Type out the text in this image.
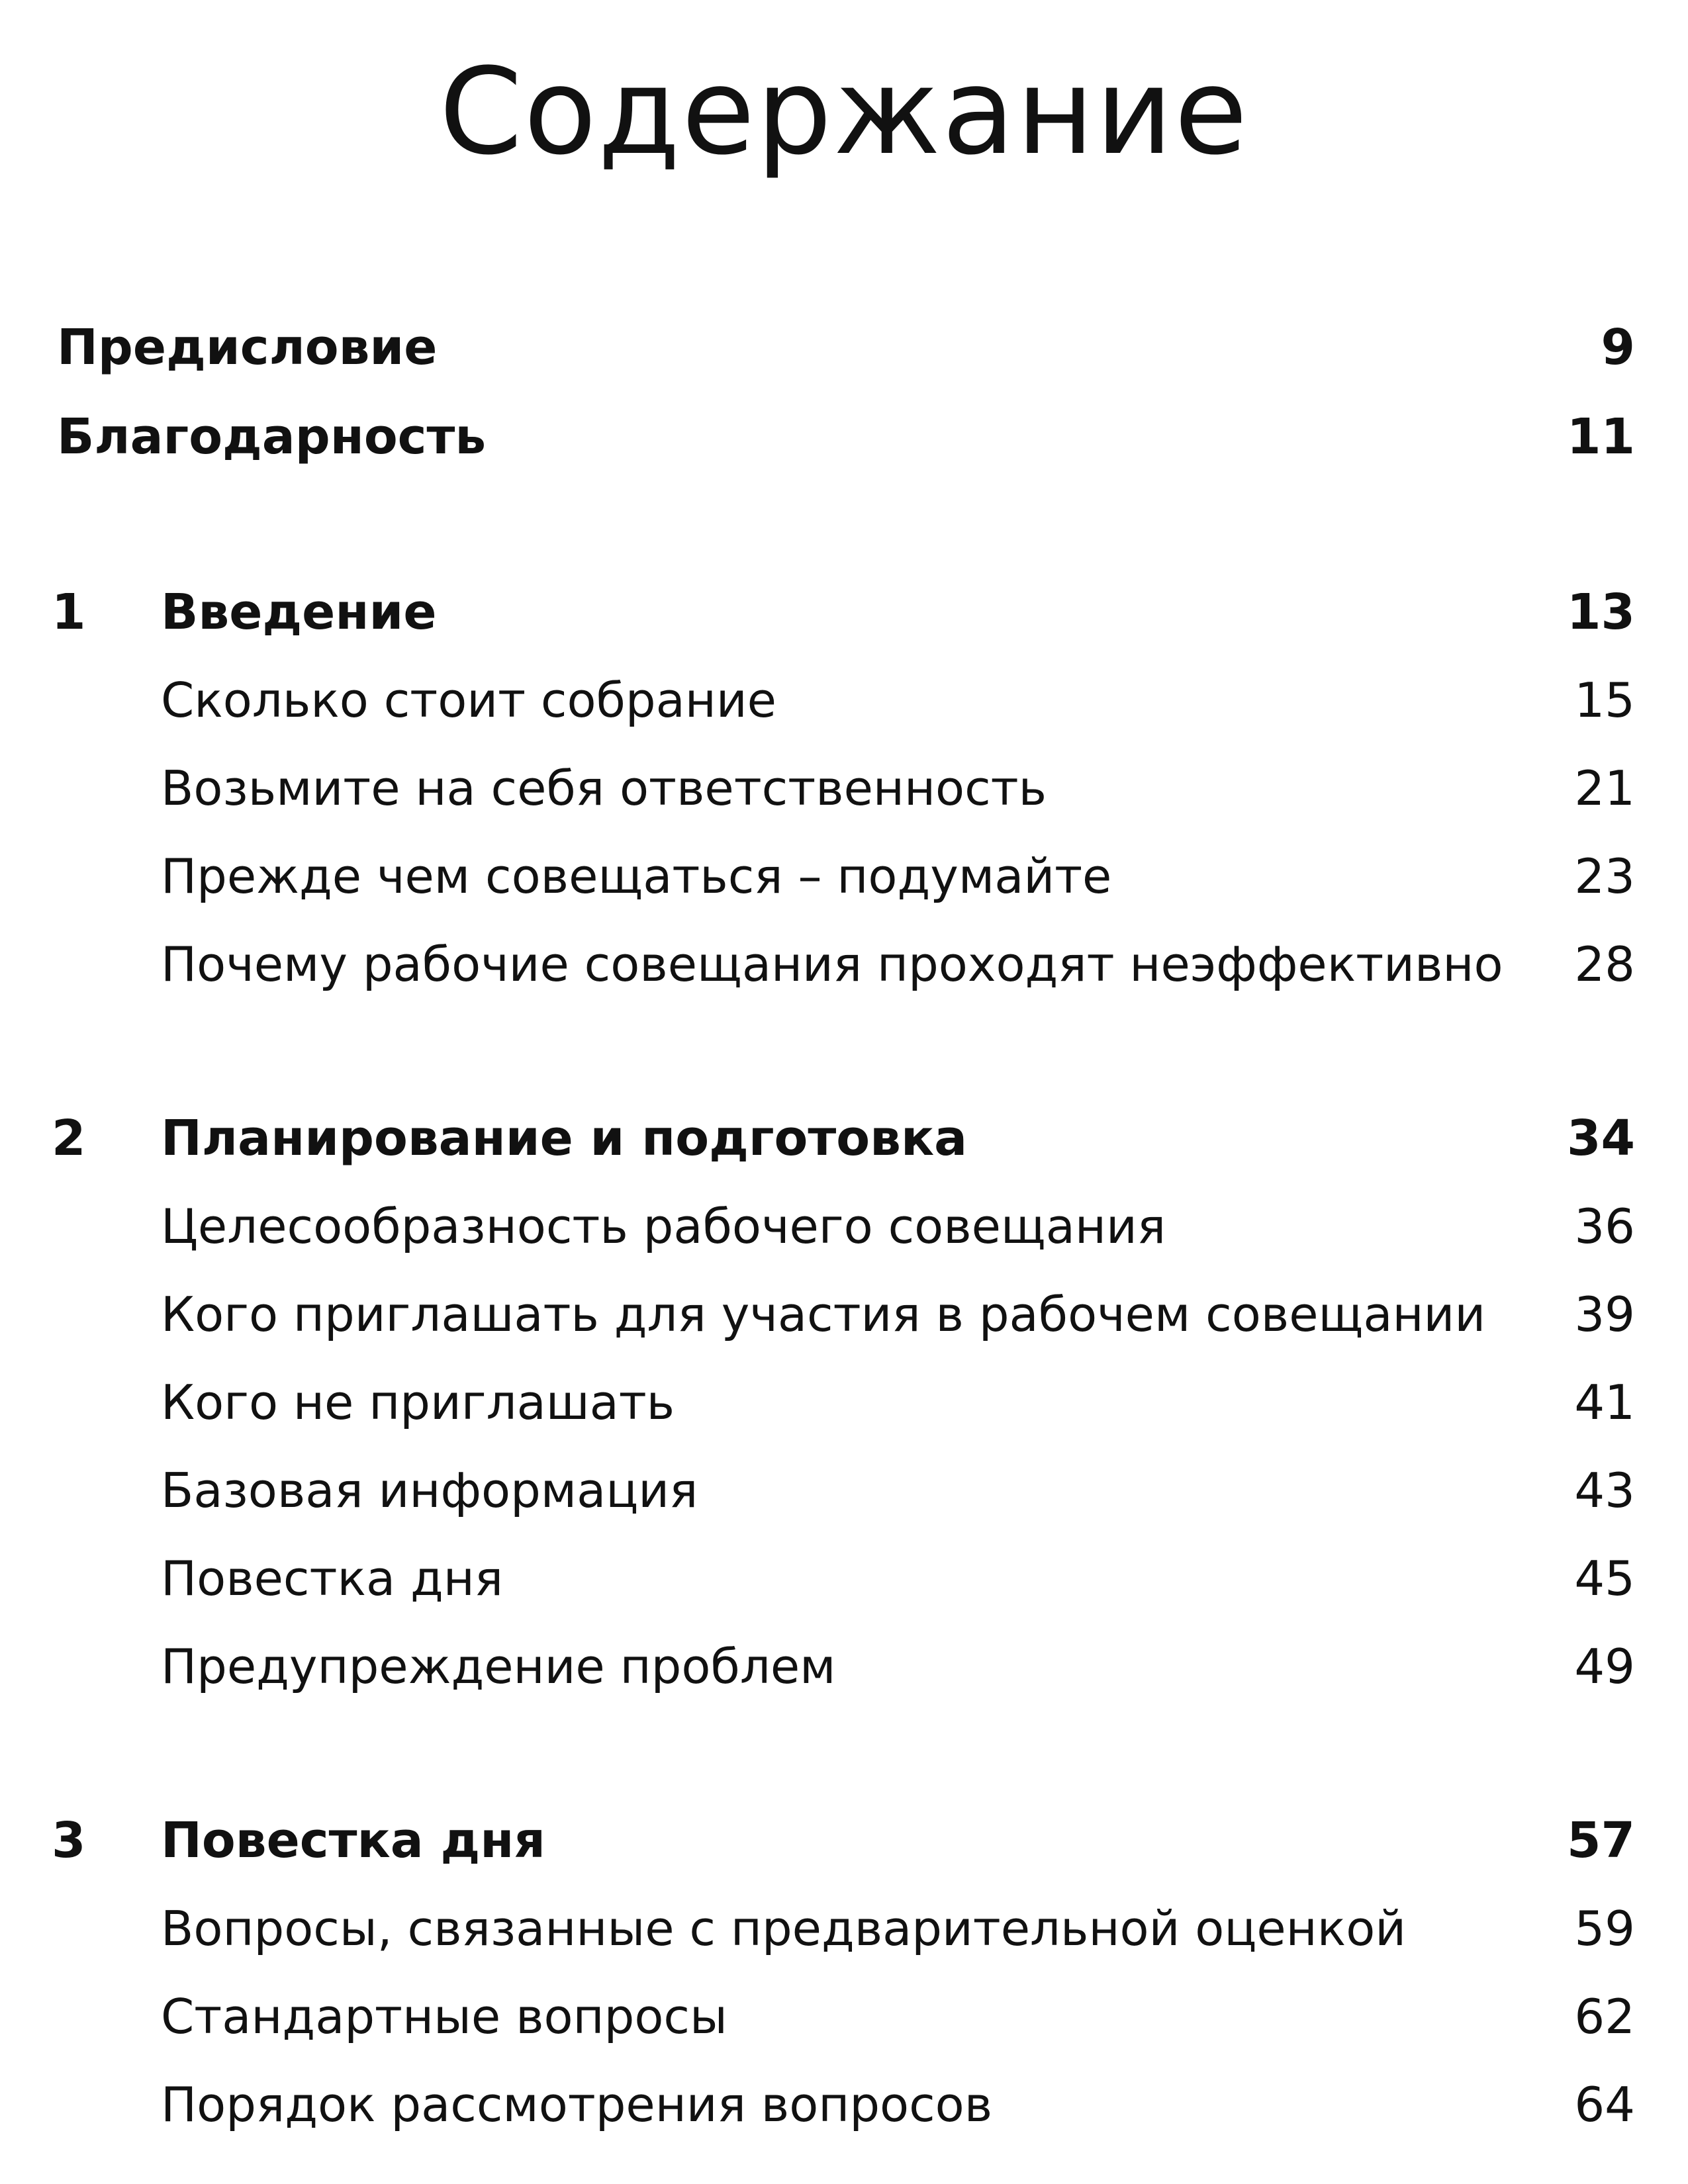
Содержание
Предисловие	9
Благодарность	11
1 Введение	13
Сколько стоит собрание	15
Возьмите на себя ответственность	21
Прежде чем совещаться – подумайте	23
Почему рабочие совещания проходят неэффективно 28
2 Планирование и подготовка	34
Целесообразность рабочего совещания	36
Кого приглашать для участия в рабочем совещании 39
Кого не приглашать	41
Базовая информация	43
Повестка дня	45
Предупреждение проблем	49
3 Повестка дня	57
Вопросы, связанные с предварительной оценкой	59
Стандартные вопросы	62
Порядок рассмотрения вопросов	64
